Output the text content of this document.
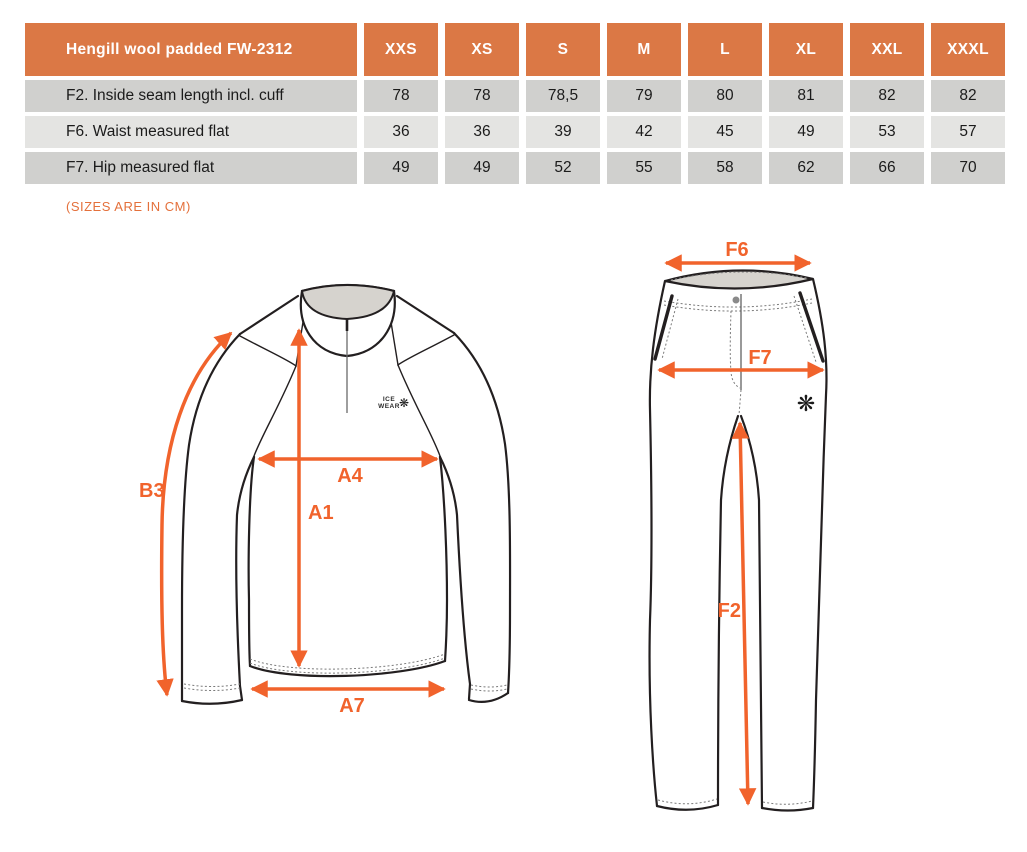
Hengill wool padded FW-2312	XXS	XS	S	M	L	XL	XXL	XXXL
F2. Inside seam length incl. cuff	78	78	78,5	79	80	81	82	82
F6. Waist measured flat	36	36	39	42	45	49	53	57
F7. Hip measured flat	49	49	52	55	58	62	66	70
(SIZES ARE IN CM)
ICE
WEAR ❋
B3
A4
A1
A7
❋
F6
F7
F2
